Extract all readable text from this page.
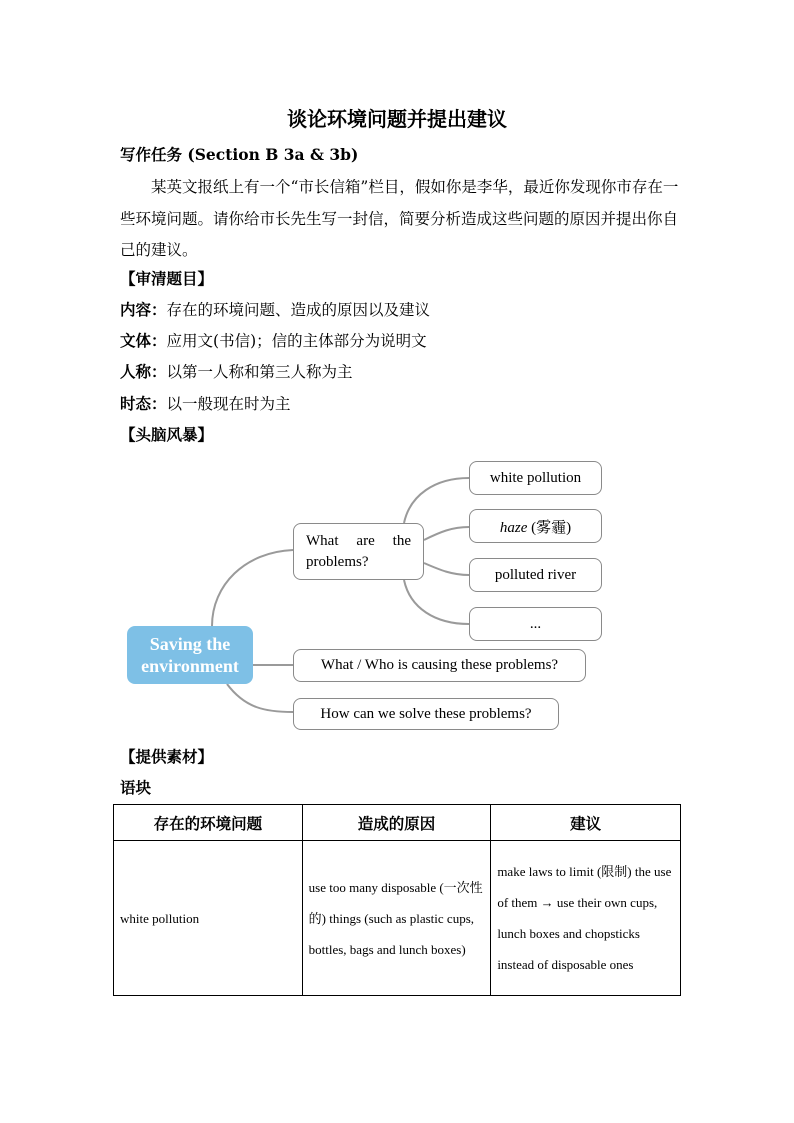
谈论环境问题并提出建议
写作任务 (Section B 3a & 3b)
某英文报纸上有一个“市长信箱”栏目，假如你是李华，最近你发现你市存在一些环境问题。请你给市长先生写一封信，简要分析造成这些问题的原因并提出你自己的建议。
【审清题目】
内容：存在的环境问题、造成的原因以及建议
文体：应用文(书信)；信的主体部分为说明文
人称：以第一人称和第三人称为主
时态：以一般现在时为主
【头脑风暴】
Saving the
environment
What are the problems?
What / Who is causing these problems?
How can we solve these problems?
white pollution
haze (雾霾)
polluted river
...
【提供素材】
语块
存在的环境问题	造成的原因	建议
white pollution	use too many disposable (一次性的) things (such as plastic cups, bottles, bags and lunch boxes)	make laws to limit (限制) the use of them → use their own cups, lunch boxes and chopsticks instead of disposable ones
